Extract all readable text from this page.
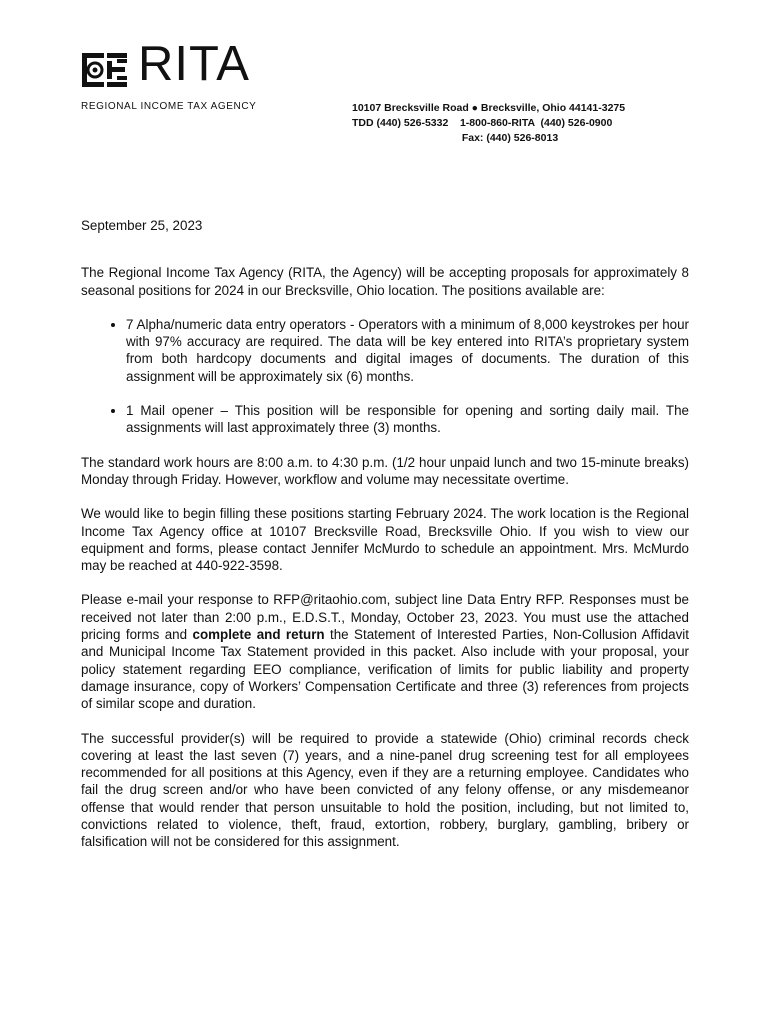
RITA
REGIONAL INCOME TAX AGENCY	10107 Brecksville Road ● Brecksville, Ohio 44141-3275
TDD (440) 526-5332    1-800-860-RITA  (440) 526-0900
Fax: (440) 526-8013
September 25, 2023

The Regional Income Tax Agency (RITA, the Agency) will be accepting proposals for approximately 8 seasonal positions for 2024 in our Brecksville, Ohio location. The positions available are:

• 7 Alpha/numeric data entry operators - Operators with a minimum of 8,000 keystrokes per hour with 97% accuracy are required. The data will be key entered into RITA’s proprietary system from both hardcopy documents and digital images of documents. The duration of this assignment will be approximately six (6) months.
• 1 Mail opener – This position will be responsible for opening and sorting daily mail. The assignments will last approximately three (3) months.

The standard work hours are 8:00 a.m. to 4:30 p.m. (1/2 hour unpaid lunch and two 15-minute breaks) Monday through Friday. However, workflow and volume may necessitate overtime.

We would like to begin filling these positions starting February 2024. The work location is the Regional Income Tax Agency office at 10107 Brecksville Road, Brecksville Ohio. If you wish to view our equipment and forms, please contact Jennifer McMurdo to schedule an appointment. Mrs. McMurdo may be reached at 440-922-3598.

Please e-mail your response to RFP@ritaohio.com, subject line Data Entry RFP. Responses must be received not later than 2:00 p.m., E.D.S.T., Monday, October 23, 2023. You must use the attached pricing forms and complete and return the Statement of Interested Parties, Non-Collusion Affidavit and Municipal Income Tax Statement provided in this packet. Also include with your proposal, your policy statement regarding EEO compliance, verification of limits for public liability and property damage insurance, copy of Workers’ Compensation Certificate and three (3) references from projects of similar scope and duration.

The successful provider(s) will be required to provide a statewide (Ohio) criminal records check covering at least the last seven (7) years, and a nine-panel drug screening test for all employees recommended for all positions at this Agency, even if they are a returning employee. Candidates who fail the drug screen and/or who have been convicted of any felony offense, or any misdemeanor offense that would render that person unsuitable to hold the position, including, but not limited to, convictions related to violence, theft, fraud, extortion, robbery, burglary, gambling, bribery or falsification will not be considered for this assignment.
